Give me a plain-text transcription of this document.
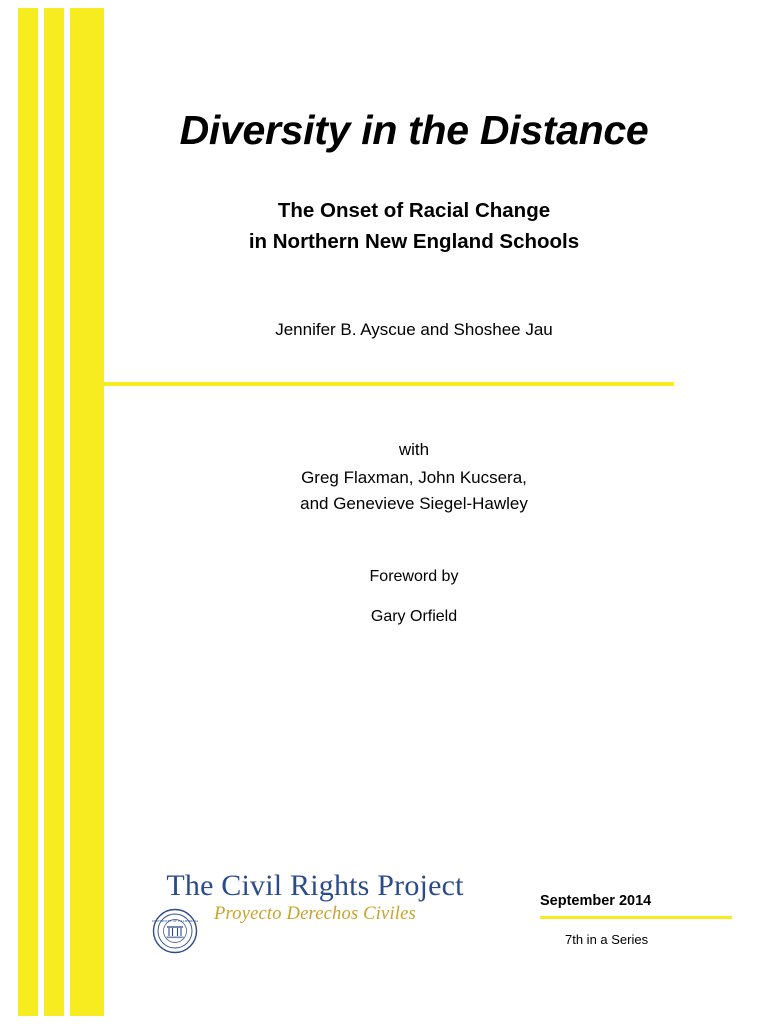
Diversity in the Distance
The Onset of Racial Change
in Northern New England Schools
Jennifer B. Ayscue and Shoshee Jau
with
Greg Flaxman, John Kucsera,
and Genevieve Siegel-Hawley
Foreword by
Gary Orfield
The Civil Rights Project
Proyecto Derechos Civiles
UNIVERSITY OF CALIFORNIA
September 2014
7th in a Series
